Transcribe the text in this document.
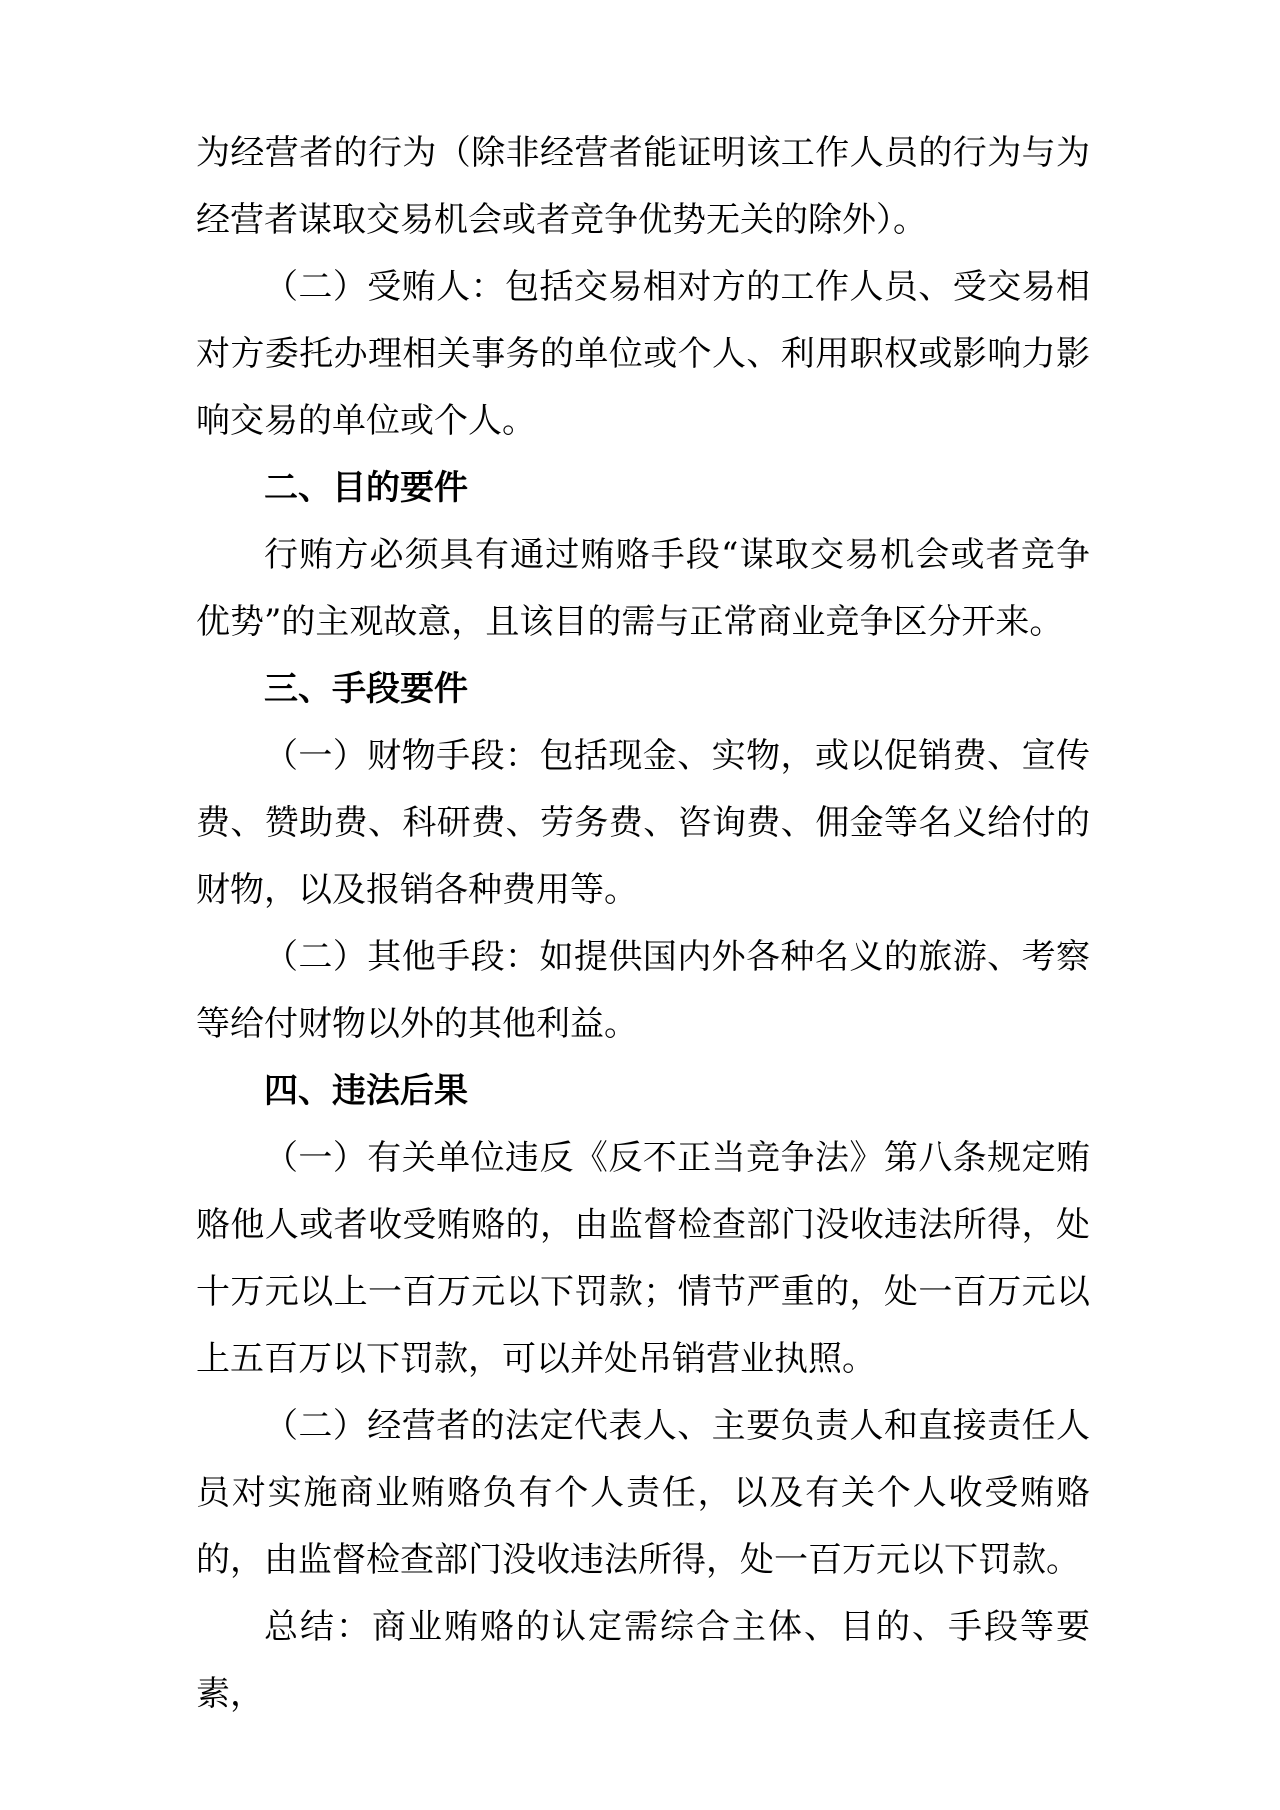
为经营者的行为（除非经营者能证明该工作人员的行为与为经营者谋取交易机会或者竞争优势无关的除外）。

（二）受贿人：包括交易相对方的工作人员、受交易相对方委托办理相关事务的单位或个人、利用职权或影响力影响交易的单位或个人。

二、目的要件

行贿方必须具有通过贿赂手段“谋取交易机会或者竞争优势”的主观故意，且该目的需与正常商业竞争区分开来。

三、手段要件

（一）财物手段：包括现金、实物，或以促销费、宣传费、赞助费、科研费、劳务费、咨询费、佣金等名义给付的财物，以及报销各种费用等。

（二）其他手段：如提供国内外各种名义的旅游、考察等给付财物以外的其他利益。

四、违法后果

（一）有关单位违反《反不正当竞争法》第八条规定贿赂他人或者收受贿赂的，由监督检查部门没收违法所得，处十万元以上一百万元以下罚款；情节严重的，处一百万元以上五百万以下罚款，可以并处吊销营业执照。

（二）经营者的法定代表人、主要负责人和直接责任人员对实施商业贿赂负有个人责任，以及有关个人收受贿赂的，由监督检查部门没收违法所得，处一百万元以下罚款。

总结：商业贿赂的认定需综合主体、目的、手段等要素，
